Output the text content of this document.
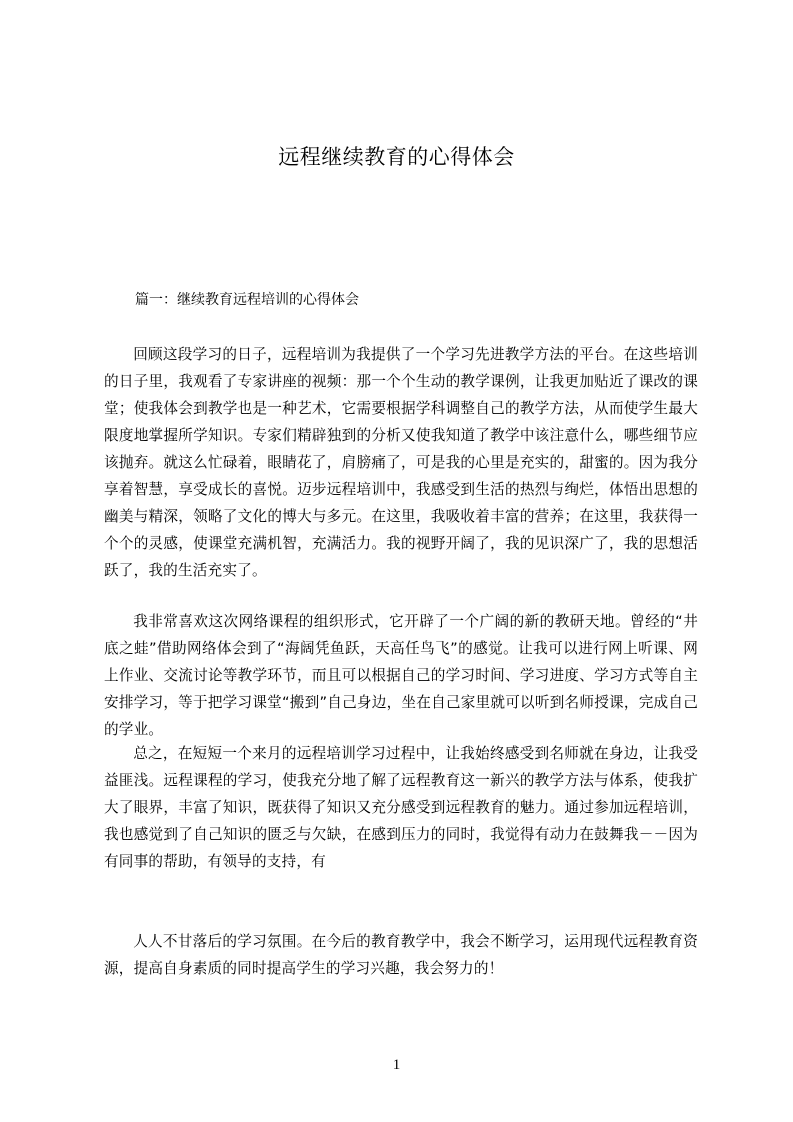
远程继续教育的心得体会

篇一：继续教育远程培训的心得体会

回顾这段学习的日子，远程培训为我提供了一个学习先进教学方法的平台。在这些培训的日子里，我观看了专家讲座的视频：那一个个生动的教学课例，让我更加贴近了课改的课堂；使我体会到教学也是一种艺术，它需要根据学科调整自己的教学方法，从而使学生最大限度地掌握所学知识。专家们精辟独到的分析又使我知道了教学中该注意什么，哪些细节应该抛弃。就这么忙碌着，眼睛花了，肩膀痛了，可是我的心里是充实的，甜蜜的。因为我分享着智慧，享受成长的喜悦。迈步远程培训中，我感受到生活的热烈与绚烂，体悟出思想的幽美与精深，领略了文化的博大与多元。在这里，我吸收着丰富的营养；在这里，我获得一个个的灵感，使课堂充满机智，充满活力。我的视野开阔了，我的见识深广了，我的思想活跃了，我的生活充实了。

我非常喜欢这次网络课程的组织形式，它开辟了一个广阔的新的教研天地。曾经的“井底之蛙”借助网络体会到了“海阔凭鱼跃，天高任鸟飞”的感觉。让我可以进行网上听课、网上作业、交流讨论等教学环节，而且可以根据自己的学习时间、学习进度、学习方式等自主安排学习，等于把学习课堂“搬到”自己身边，坐在自己家里就可以听到名师授课，完成自己的学业。

总之，在短短一个来月的远程培训学习过程中，让我始终感受到名师就在身边，让我受益匪浅。远程课程的学习，使我充分地了解了远程教育这一新兴的教学方法与体系，使我扩大了眼界，丰富了知识，既获得了知识又充分感受到远程教育的魅力。通过参加远程培训，我也感觉到了自己知识的匮乏与欠缺，在感到压力的同时，我觉得有动力在鼓舞我－－因为有同事的帮助，有领导的支持，有

人人不甘落后的学习氛围。在今后的教育教学中，我会不断学习，运用现代远程教育资源，提高自身素质的同时提高学生的学习兴趣，我会努力的！

1
